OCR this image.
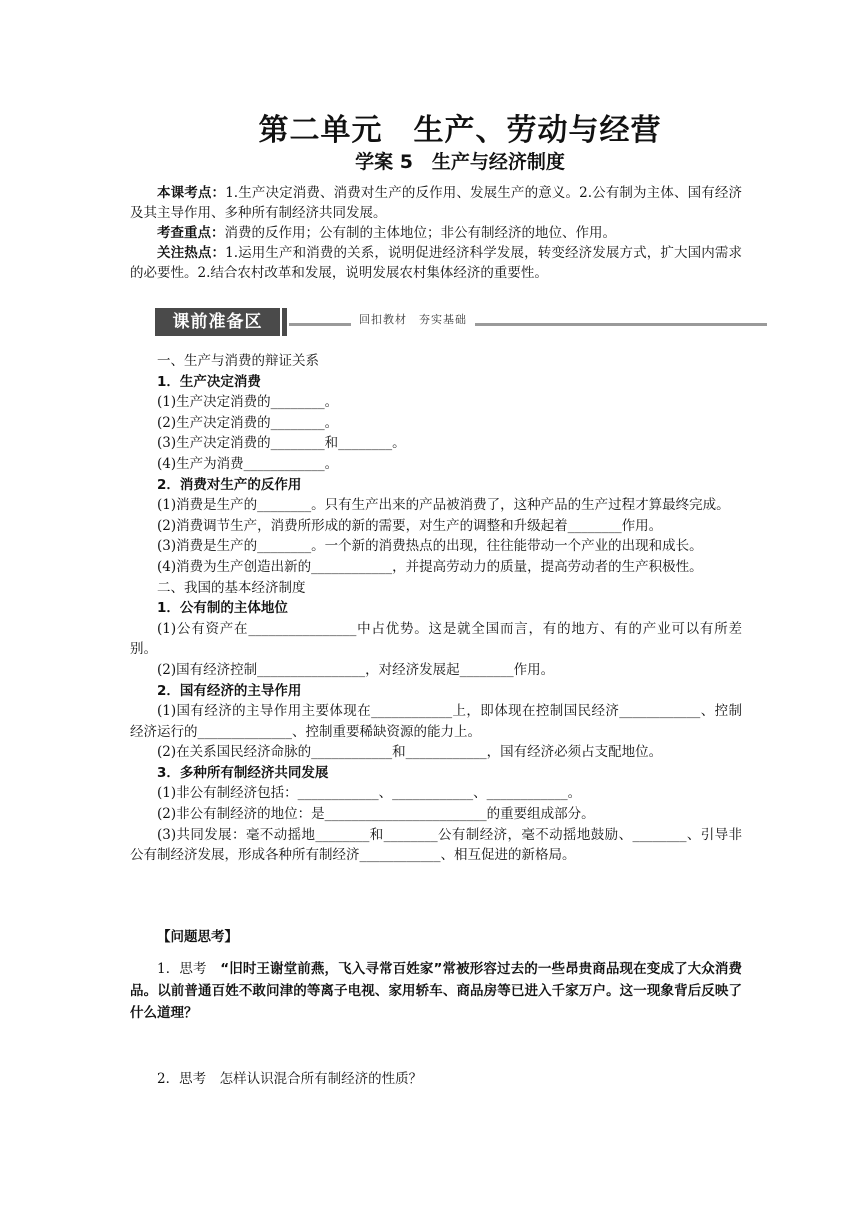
第二单元　生产、劳动与经营
学案 5　生产与经济制度

本课考点：1.生产决定消费、消费对生产的反作用、发展生产的意义。2.公有制为主体、国有经济及其主导作用、多种所有制经济共同发展。

考查重点：消费的反作用；公有制的主体地位；非公有制经济的地位、作用。

关注热点：1.运用生产和消费的关系，说明促进经济科学发展，转变经济发展方式，扩大国内需求的必要性。2.结合农村改革和发展，说明发展农村集体经济的重要性。

课前准备区	回扣教材　夯实基础

一、生产与消费的辩证关系

1．生产决定消费

(1)生产决定消费的________。

(2)生产决定消费的________。

(3)生产决定消费的________和________。

(4)生产为消费____________。

2．消费对生产的反作用

(1)消费是生产的________。只有生产出来的产品被消费了，这种产品的生产过程才算最终完成。

(2)消费调节生产，消费所形成的新的需要，对生产的调整和升级起着________作用。

(3)消费是生产的________。一个新的消费热点的出现，往往能带动一个产业的出现和成长。

(4)消费为生产创造出新的____________，并提高劳动力的质量，提高劳动者的生产积极性。

二、我国的基本经济制度

1．公有制的主体地位

(1)公有资产在________________中占优势。这是就全国而言，有的地方、有的产业可以有所差别。

(2)国有经济控制________________，对经济发展起________作用。

2．国有经济的主导作用

(1)国有经济的主导作用主要体现在____________上，即体现在控制国民经济____________、控制经济运行的______________、控制重要稀缺资源的能力上。

(2)在关系国民经济命脉的____________和____________，国有经济必须占支配地位。

3．多种所有制经济共同发展

(1)非公有制经济包括：____________、____________、____________。

(2)非公有制经济的地位：是________________________的重要组成部分。

(3)共同发展：毫不动摇地________和________公有制经济，毫不动摇地鼓励、________、引导非公有制经济发展，形成各种所有制经济____________、相互促进的新格局。

【问题思考】

1．思考　 “旧时王谢堂前燕，飞入寻常百姓家”常被形容过去的一些昂贵商品现在变成了大众消费品。以前普通百姓不敢问津的等离子电视、家用轿车、商品房等已进入千家万户。这一现象背后反映了什么道理？

2．思考　 怎样认识混合所有制经济的性质？
